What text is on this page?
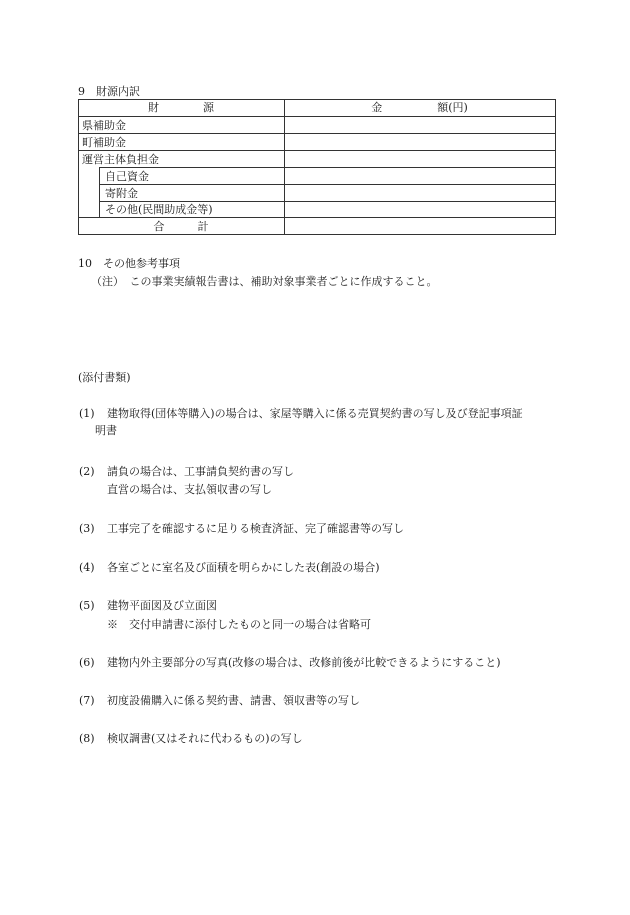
9　財源内訳
財　　　　源	金　　　　　額(円)
県補助金
町補助金
運営主体負担金
自己資金
寄附金
その他(民間助成金等)
合　　　計
10　その他参考事項
（注）　この事業実績報告書は、補助対象事業者ごとに作成すること。
(添付書類)
(1) 建物取得(団体等購入)の場合は、家屋等購入に係る売買契約書の写し及び登記事項証
明書
(2) 請負の場合は、工事請負契約書の写し
直営の場合は、支払領収書の写し
(3) 工事完了を確認するに足りる検査済証、完了確認書等の写し
(4) 各室ごとに室名及び面積を明らかにした表(創設の場合)
(5) 建物平面図及び立面図
※　交付申請書に添付したものと同一の場合は省略可
(6) 建物内外主要部分の写真(改修の場合は、改修前後が比較できるようにすること)
(7) 初度設備購入に係る契約書、請書、領収書等の写し
(8) 検収調書(又はそれに代わるもの)の写し
